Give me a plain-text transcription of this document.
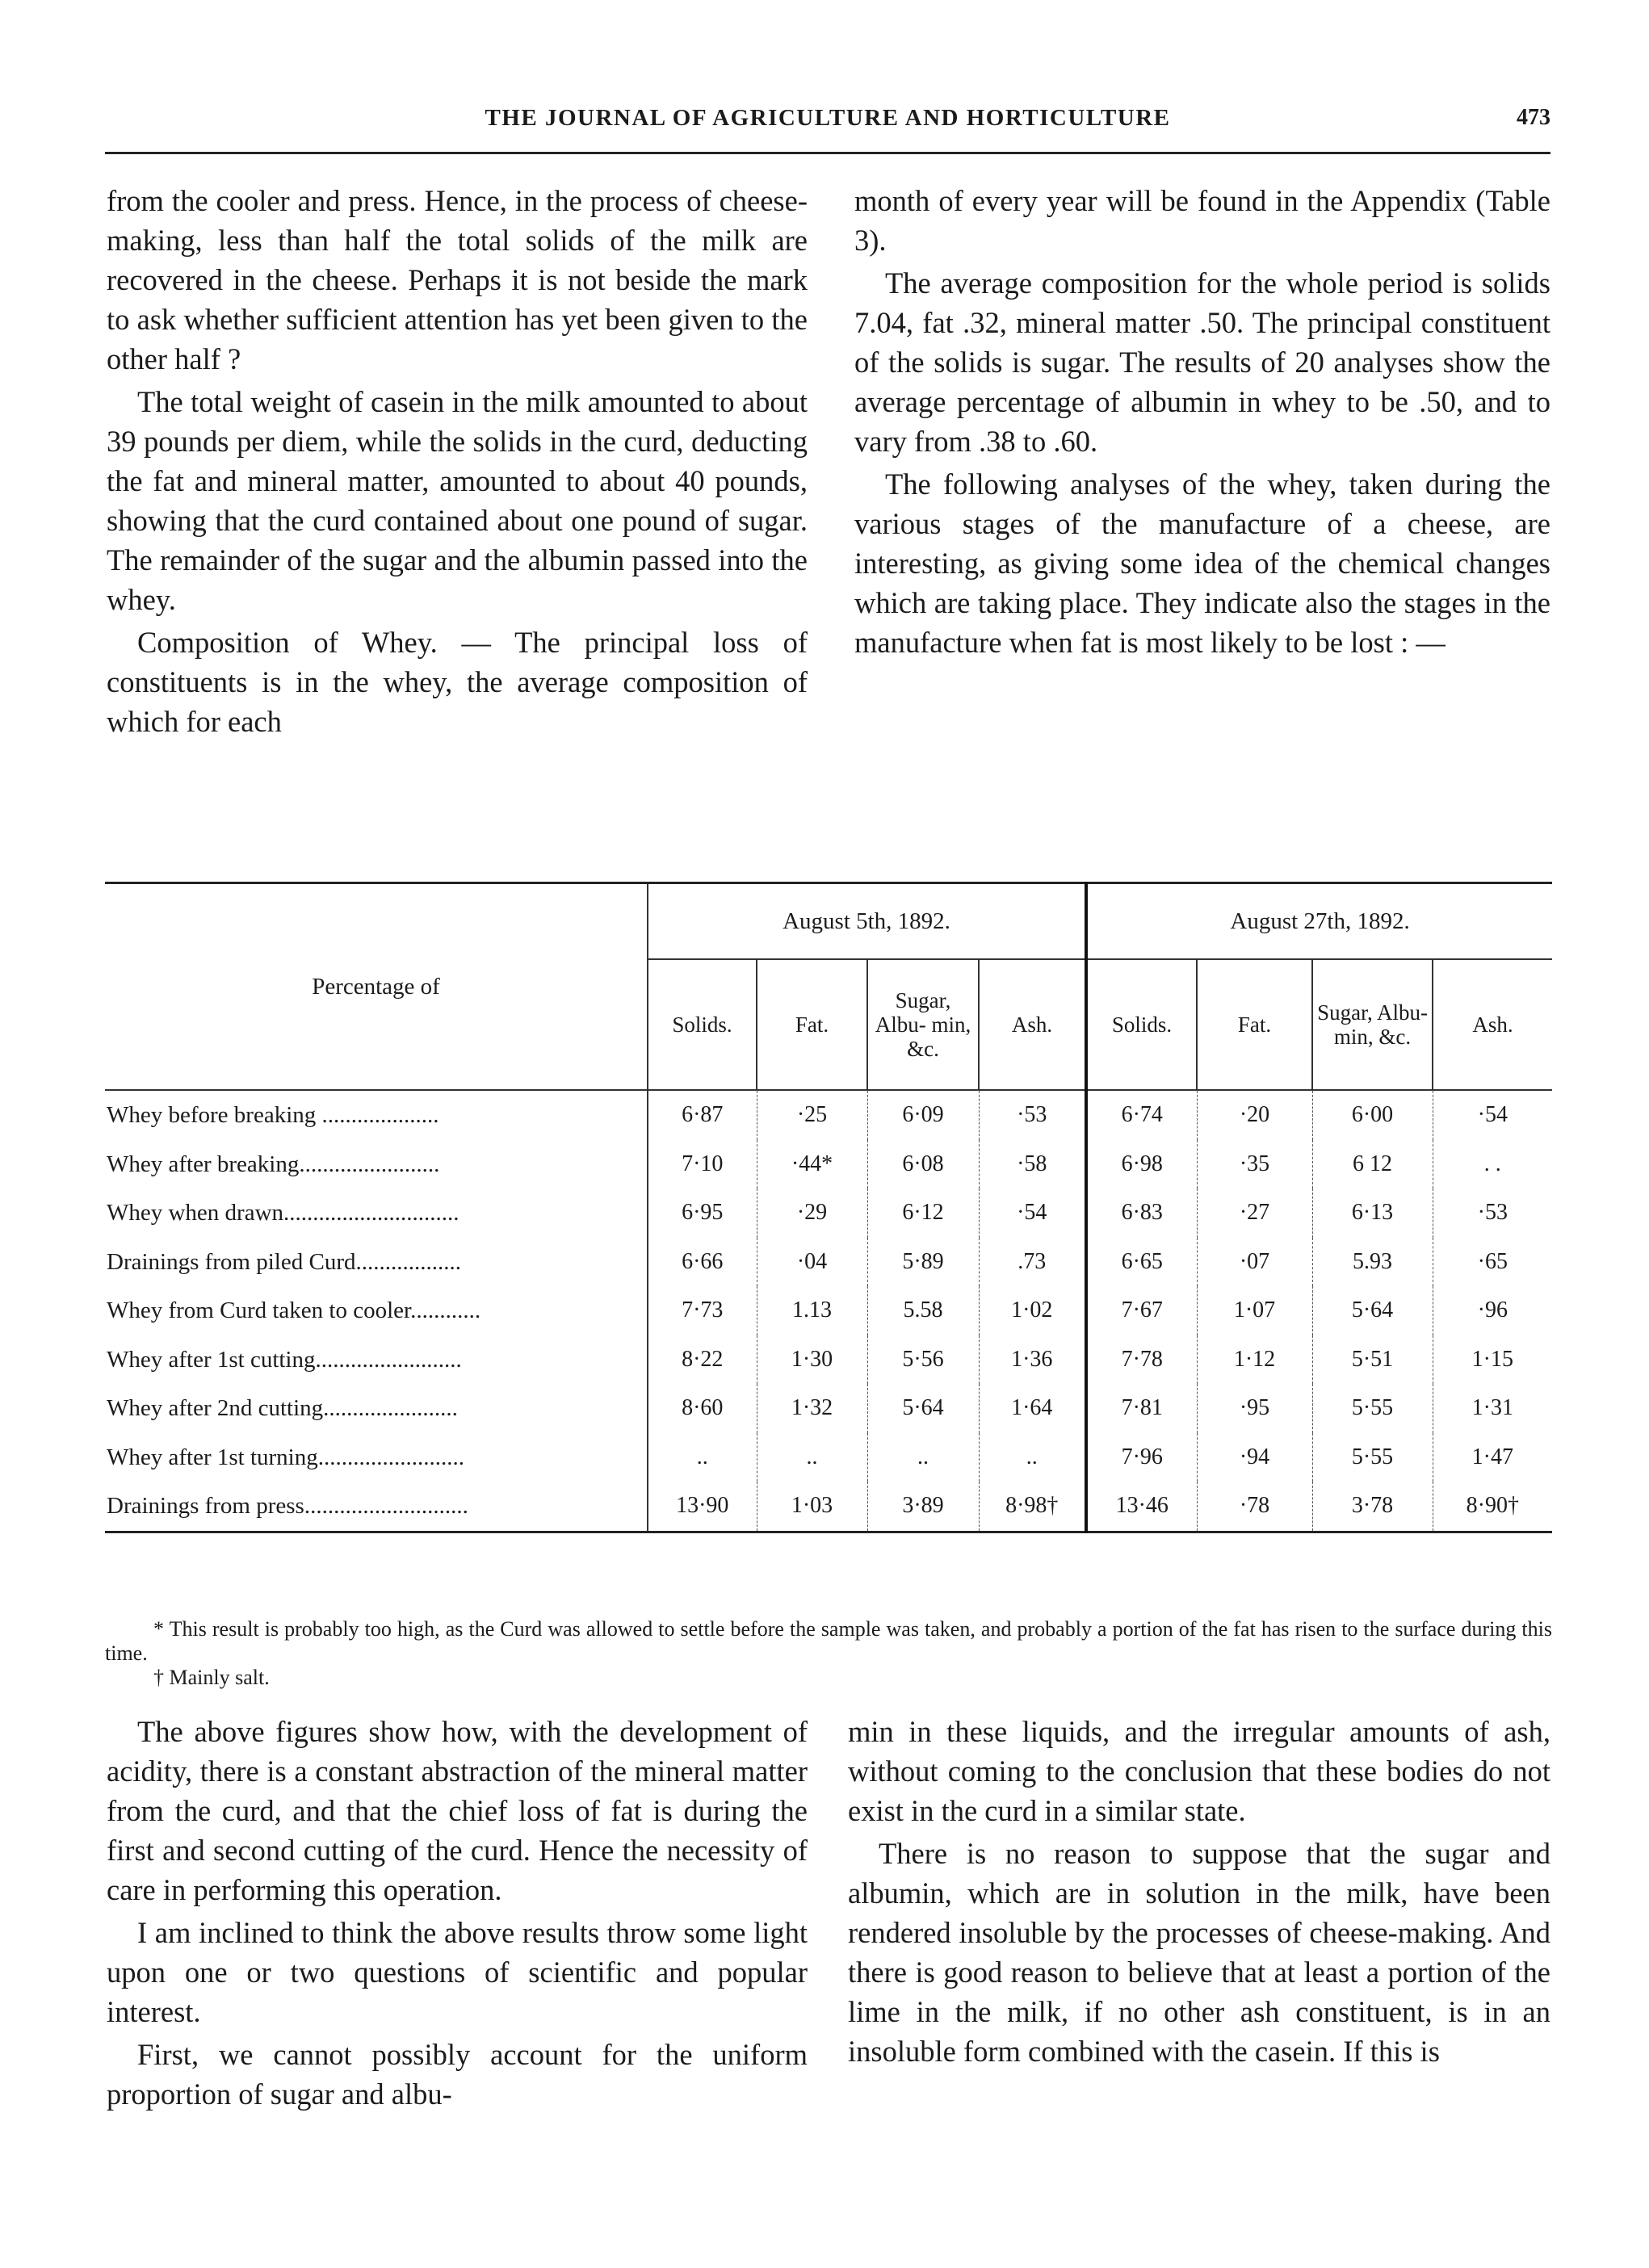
THE JOURNAL OF AGRICULTURE AND HORTICULTURE	473

from the cooler and press. Hence, in the process of cheese-making, less than half the total solids of the milk are recovered in the cheese. Perhaps it is not beside the mark to ask whether sufficient attention has yet been given to the other half ?

The total weight of casein in the milk amounted to about 39 pounds per diem, while the solids in the curd, deducting the fat and mineral matter, amounted to about 40 pounds, showing that the curd contained about one pound of sugar. The remainder of the sugar and the albumin passed into the whey.

Composition of Whey. — The principal loss of constituents is in the whey, the average composition of which for each

month of every year will be found in the Appendix (Table 3).

The average composition for the whole period is solids 7.04, fat .32, mineral matter .50. The principal constituent of the solids is sugar. The results of 20 analyses show the average percentage of albumin in whey to be .50, and to vary from .38 to .60.

The following analyses of the whey, taken during the various stages of the manufacture of a cheese, are interesting, as giving some idea of the chemical changes which are taking place. They indicate also the stages in the manufacture when fat is most likely to be lost : —

Percentage of	August 5th, 1892.				August 27th, 1892.			
	Solids.	Fat.	Sugar, Albu- min, &c.	Ash.	Solids.	Fat.	Sugar, Albu- min, &c.	Ash.
Whey before breaking ....................	6·87	·25	6·09	·53	6·74	·20	6·00	·54
Whey after breaking........................	7·10	·44*	6·08	·58	6·98	·35	6 12	. .
Whey when drawn..............................	6·95	·29	6·12	·54	6·83	·27	6·13	·53
Drainings from piled Curd..................	6·66	·04	5·89	.73	6·65	·07	5.93	·65
Whey from Curd taken to cooler............	7·73	1.13	5.58	1·02	7·67	1·07	5·64	·96
Whey after 1st cutting.........................	8·22	1·30	5·56	1·36	7·78	1·12	5·51	1·15
Whey after 2nd cutting.......................	8·60	1·32	5·64	1·64	7·81	·95	5·55	1·31
Whey after 1st turning.........................	..	..	..	..	7·96	·94	5·55	1·47
Drainings from press............................	13·90	1·03	3·89	8·98†	13·46	·78	3·78	8·90†

* This result is probably too high, as the Curd was allowed to settle before the sample was taken, and probably a portion of the fat has risen to the surface during this time.

† Mainly salt.

The above figures show how, with the development of acidity, there is a constant abstraction of the mineral matter from the curd, and that the chief loss of fat is during the first and second cutting of the curd. Hence the necessity of care in performing this operation.

I am inclined to think the above results throw some light upon one or two questions of scientific and popular interest.

First, we cannot possibly account for the uniform proportion of sugar and albu-

min in these liquids, and the irregular amounts of ash, without coming to the conclusion that these bodies do not exist in the curd in a similar state.

There is no reason to suppose that the sugar and albumin, which are in solution in the milk, have been rendered insoluble by the processes of cheese-making. And there is good reason to believe that at least a portion of the lime in the milk, if no other ash constituent, is in an insoluble form combined with the casein. If this is
